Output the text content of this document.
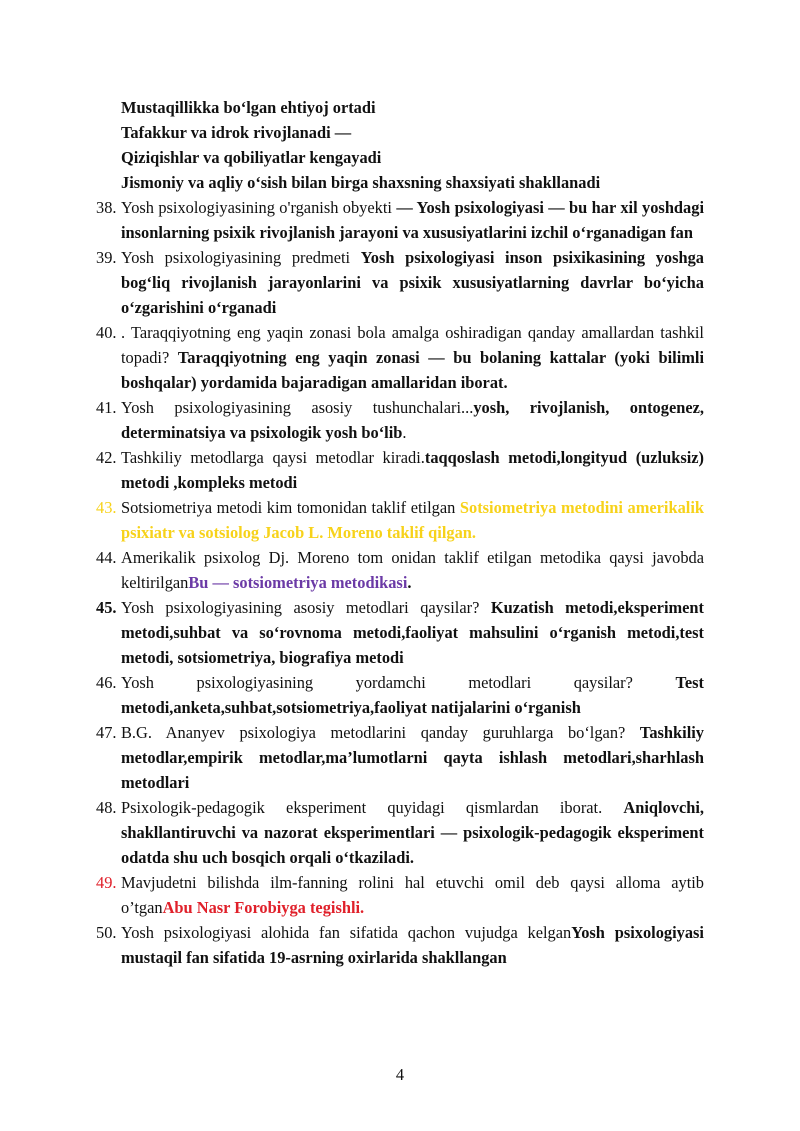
Mustaqillikka bo‘lgan ehtiyoj ortadi
Tafakkur va idrok rivojlanadi —
Qiziqishlar va qobiliyatlar kengayadi
Jismoniy va aqliy o‘sish bilan birga shaxsning shaxsiyati shakllanadi
38. Yosh psixologiyasining o'rganish obyekti — Yosh psixologiyasi — bu har xil yoshdagi insonlarning psixik rivojlanish jarayoni va xususiyatlarini izchil o‘rganadigan fan
39. Yosh psixologiyasining predmeti Yosh psixologiyasi inson psixikasining yoshga bog‘liq rivojlanish jarayonlarini va psixik xususiyatlarning davrlar bo‘yicha o‘zgarishini o‘rganadi
40. . Taraqqiyotning eng yaqin zonasi bola amalga oshiradigan qanday amallardan tashkil topadi? Taraqqiyotning eng yaqin zonasi — bu bolaning kattalar (yoki bilimli boshqalar) yordamida bajaradigan amallaridan iborat.
41. Yosh psixologiyasining asosiy tushunchalari...yosh, rivojlanish, ontogenez, determinatsiya va psixologik yosh bo‘lib.
42. Tashkiliy metodlarga qaysi metodlar kiradi.taqqoslash metodi,longityud (uzluksiz) metodi ,kompleks metodi
43. Sotsiometriya metodi kim tomonidan taklif etilgan Sotsiometriya metodini amerikalik psixiatr va sotsiolog Jacob L. Moreno taklif qilgan.
44. Amerikalik psixolog Dj. Moreno tom onidan taklif etilgan metodika qaysi javobda keltirilganBu — sotsiometriya metodikasi.
45. Yosh psixologiyasining asosiy metodlari qaysilar? Kuzatish metodi,eksperiment metodi,suhbat va so‘rovnoma metodi,faoliyat mahsulini o‘rganish metodi,test metodi, sotsiometriya, biografiya metodi
46. Yosh psixologiyasining yordamchi metodlari qaysilar? Test metodi,anketa,suhbat,sotsiometriya,faoliyat natijalarini o‘rganish
47. B.G. Ananyev psixologiya metodlarini qanday guruhlarga bo‘lgan? Tashkiliy metodlar,empirik metodlar,ma’lumotlarni qayta ishlash metodlari,sharhlash metodlari
48. Psixologik-pedagogik eksperiment quyidagi qismlardan iborat. Aniqlovchi, shakllantiruvchi va nazorat eksperimentlari — psixologik-pedagogik eksperiment odatda shu uch bosqich orqali o‘tkaziladi.
49. Mavjudetni bilishda ilm-fanning rolini hal etuvchi omil deb qaysi alloma aytib o’tganAbu Nasr Forobiyga tegishli.
50. Yosh psixologiyasi alohida fan sifatida qachon vujudga kelganYosh psixologiyasi mustaqil fan sifatida 19-asrning oxirlarida shakllangan
4
